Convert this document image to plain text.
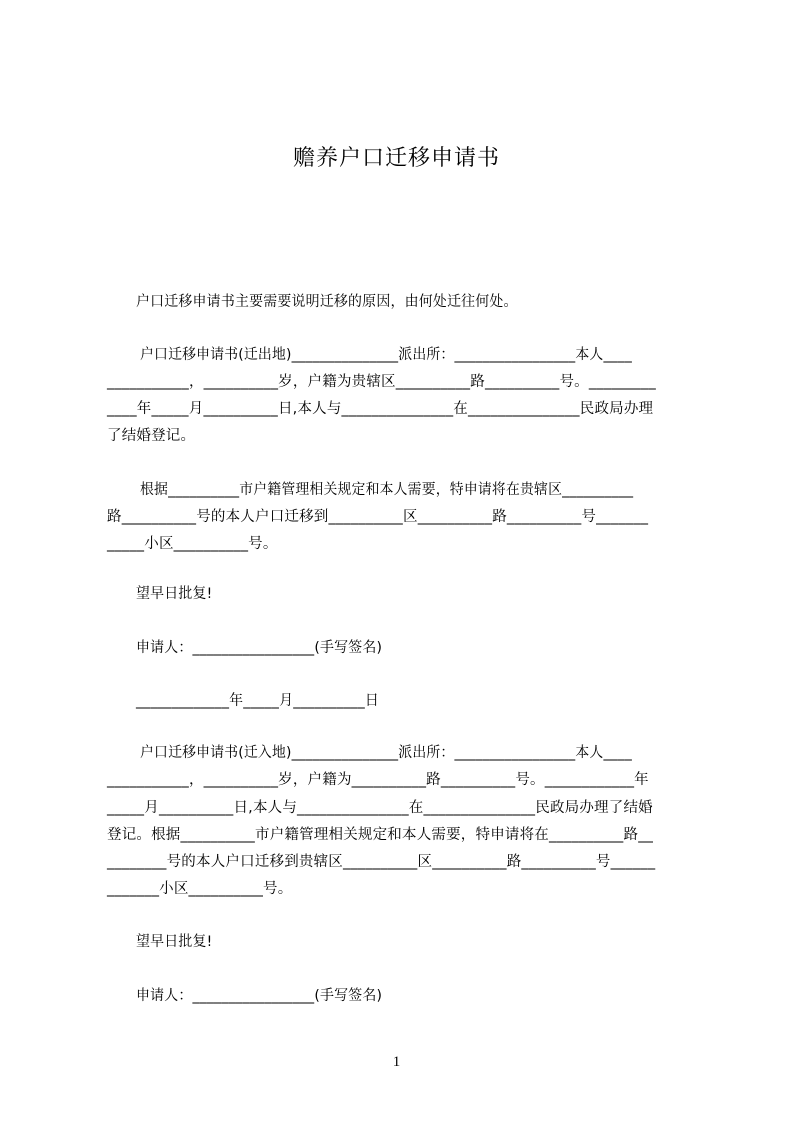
赡养户口迁移申请书
户口迁移申请书主要需要说明迁移的原因，由何处迁往何处。
户口迁移申请书(迁出地)_______________派出所：_________________本人____
___________，__________岁，户籍为贵辖区__________路__________号。_________
____年_____月__________日,本人与_______________在_______________民政局办理
了结婚登记。
根据__________市户籍管理相关规定和本人需要，特申请将在贵辖区__________
路__________号的本人户口迁移到__________区__________路__________号_______
_____小区__________号。
望早日批复!
申请人：_________________(手写签名)
_____________年_____月__________日
户口迁移申请书(迁入地)_______________派出所：_________________本人____
___________，__________岁，户籍为__________路__________号。____________年
_____月__________日,本人与_______________在_______________民政局办理了结婚
登记。根据__________市户籍管理相关规定和本人需要，特申请将在__________路__
________号的本人户口迁移到贵辖区__________区__________路__________号______
_______小区__________号。
望早日批复!
申请人：_________________(手写签名)
1
